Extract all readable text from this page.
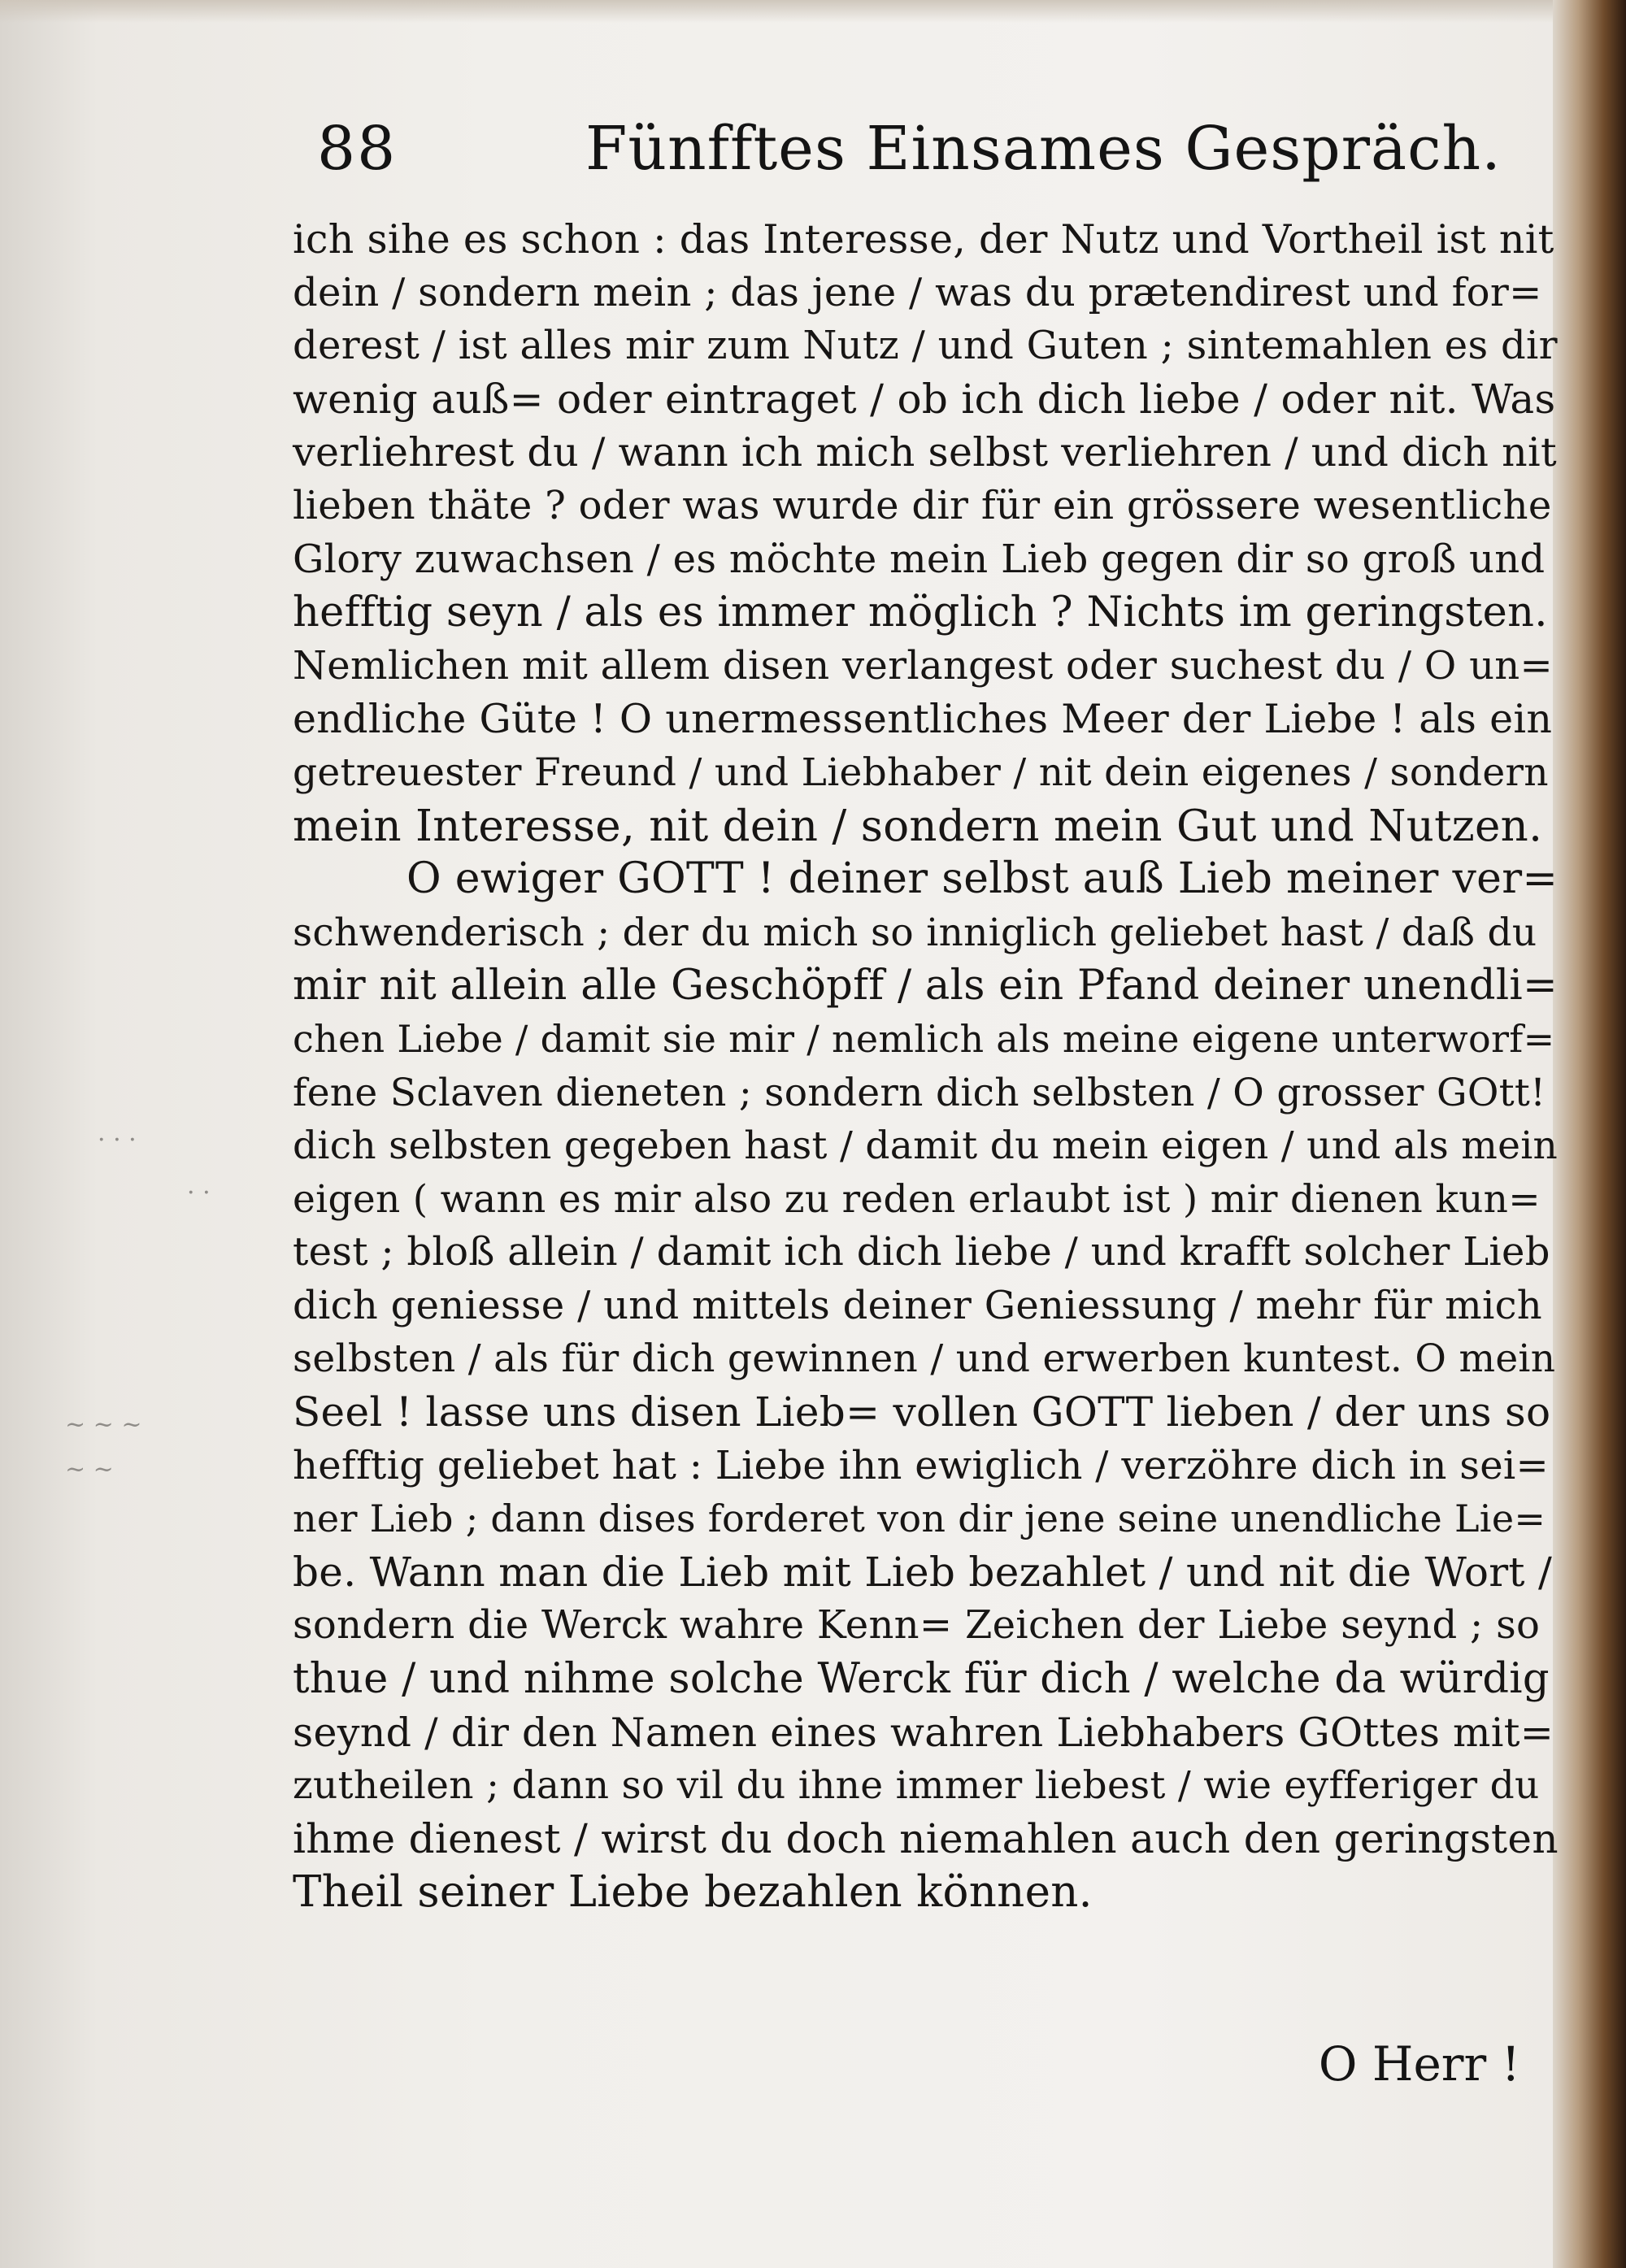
· · ·
· ·
~ ~ ~
~ ~
88	Fünfftes Einsames Gespräch.
ich sihe es schon : das Interesse, der Nutz und Vortheil ist nit
dein / sondern mein ; das jene / was du prætendirest und for=
derest / ist alles mir zum Nutz / und Guten ; sintemahlen es dir
wenig auß= oder eintraget / ob ich dich liebe / oder nit. Was
verliehrest du / wann ich mich selbst verliehren / und dich nit
lieben thäte ? oder was wurde dir für ein grössere wesentliche
Glory zuwachsen / es möchte mein Lieb gegen dir so groß und
hefftig seyn / als es immer möglich ? Nichts im geringsten.
Nemlichen mit allem disen verlangest oder suchest du / O un=
endliche Güte ! O unermessentliches Meer der Liebe ! als ein
getreuester Freund / und Liebhaber / nit dein eigenes / sondern
mein Interesse, nit dein / sondern mein Gut und Nutzen.
O ewiger GOTT ! deiner selbst auß Lieb meiner ver=
schwenderisch ; der du mich so inniglich geliebet hast / daß du
mir nit allein alle Geschöpff / als ein Pfand deiner unendli=
chen Liebe / damit sie mir / nemlich als meine eigene unterworf=
fene Sclaven dieneten ; sondern dich selbsten / O grosser GOtt!
dich selbsten gegeben hast / damit du mein eigen / und als mein
eigen ( wann es mir also zu reden erlaubt ist ) mir dienen kun=
test ; bloß allein / damit ich dich liebe / und krafft solcher Lieb
dich geniesse / und mittels deiner Geniessung / mehr für mich
selbsten / als für dich gewinnen / und erwerben kuntest. O mein
Seel ! lasse uns disen Lieb= vollen GOTT lieben / der uns so
hefftig geliebet hat : Liebe ihn ewiglich / verzöhre dich in sei=
ner Lieb ; dann dises forderet von dir jene seine unendliche Lie=
be. Wann man die Lieb mit Lieb bezahlet / und nit die Wort /
sondern die Werck wahre Kenn= Zeichen der Liebe seynd ; so
thue / und nihme solche Werck für dich / welche da würdig
seynd / dir den Namen eines wahren Liebhabers GOttes mit=
zutheilen ; dann so vil du ihne immer liebest / wie eyfferiger du
ihme dienest / wirst du doch niemahlen auch den geringsten
Theil seiner Liebe bezahlen können.
O Herr !
